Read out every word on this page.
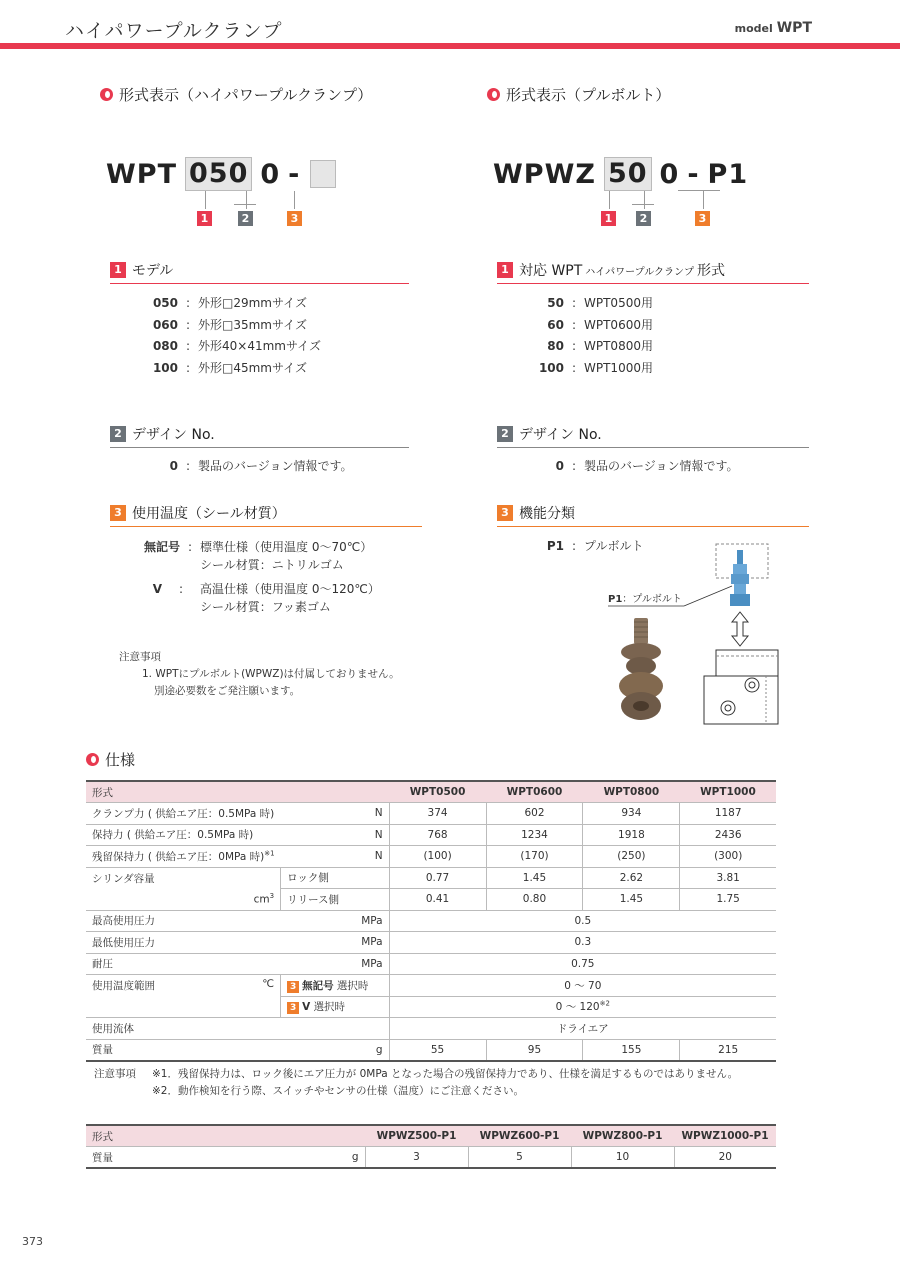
ハイパワープルクランプ	model WPT
形式表示（ハイパワープルクランプ）
WPT 050 0 -
1	2	3
1 モデル
050 : 外形□29mmサイズ
060 : 外形□35mmサイズ
080 : 外形40×41mmサイズ
100 : 外形□45mmサイズ
2 デザイン No.
0 : 製品のバージョン情報です。
3 使用温度（シール材質）
無記号 : 標準仕様（使用温度 0〜70℃）
シール材質：ニトリルゴム
V	:	高温仕様（使用温度 0〜120℃）
シール材質：フッ素ゴム
注意事項
1. WPTにプルボルト(WPWZ)は付属しておりません。
別途必要数をご発注願います。
形式表示（プルボルト）
WPWZ 50 0 - P1
1	2	3
1 対応 WPT ハイパワープルクランプ 形式
50 : WPT0500用
60 : WPT0600用
80 : WPT0800用
100 : WPT1000用
2 デザイン No.
0 : 製品のバージョン情報です。
3 機能分類
P1 : プルボルト
P1：プルボルト
仕様
形式		WPT0500	WPT0600	WPT0800	WPT1000
クランプ力 ( 供給エア圧：0.5MPa 時)	N	374	602	934	1187
保持力 ( 供給エア圧：0.5MPa 時)	N	768	1234	1918	2436
残留保持力 ( 供給エア圧：0MPa 時)$^{※1}$	N	(100)	(170)	(250)	(300)
シリンダ容量	ロック側	0.77	1.45	2.62	3.81
$cm^3$	リリース側	0.41	0.80	1.45	1.75
最高使用圧力	MPa	0.5			
最低使用圧力	MPa	0.3			
耐圧	MPa	0.75			
使用温度範囲 ℃	3 無記号 選択時	0 〜 70			
	3 V 選択時	0 〜 120$^{※2}$
使用流体		ドライエア			
質量	g	55	95	155	215
注意事項	※1．残留保持力は、ロック後にエア圧力が 0MPa となった場合の残留保持力であり、仕様を満足するものではありません。
※2．動作検知を行う際、スイッチやセンサの仕様（温度）にご注意ください。
形式		WPWZ500-P1	WPWZ600-P1	WPWZ800-P1	WPWZ1000-P1
質量	g	3	5	10	20
373
